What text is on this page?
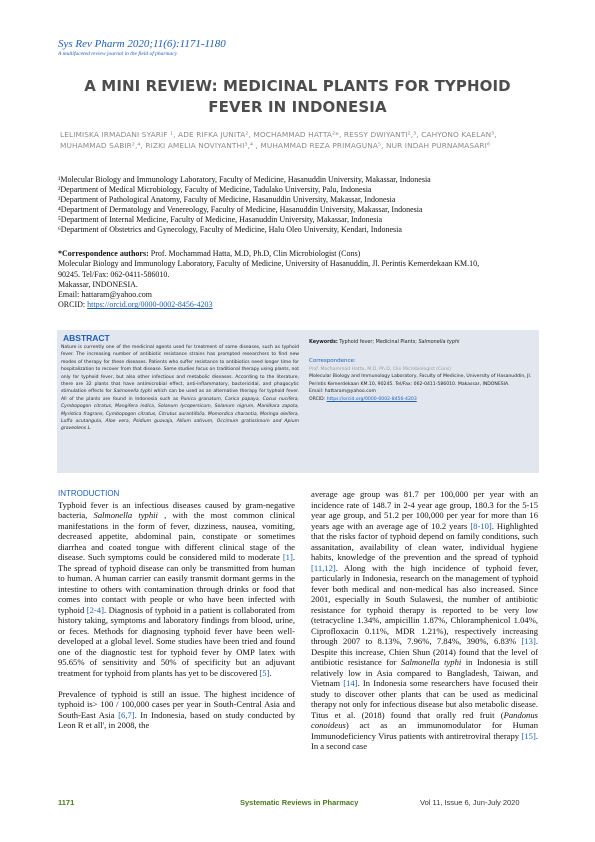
Sys Rev Pharm 2020;11(6):1171-1180
A multifaceted review journal in the field of pharmacy
A MINI REVIEW: MEDICINAL PLANTS FOR TYPHOID FEVER IN INDONESIA
LELIMISKA IRMADANI SYARIF ¹, ADE RIFKA JUNITA², MOCHAMMAD HATTA²*, RESSY DWIYANTI²,³, CAHYONO KAELAN³, MUHAMMAD SABIR²,⁴, RIZKI AMELIA NOVIYANTHI³,⁴ , MUHAMMAD REZA PRIMAGUNA⁵, NUR INDAH PURNAMASARI⁶
¹Molecular Biology and Immunology Laboratory, Faculty of Medicine, Hasanuddin University, Makassar, Indonesia
²Department of Medical Microbiology, Faculty of Medicine, Tadulako University, Palu, Indonesia
³Department of Pathological Anatomy, Faculty of Medicine, Hasanuddin University, Makassar, Indonesia
⁴Department of Dermatology and Venereology, Faculty of Medicine, Hasanuddin University, Makassar, Indonesia
⁵Department of Internal Medicine, Faculty of Medicine, Hasanuddin University, Makassar, Indonesia
⁶Department of Obstetrics and Gynecology, Faculty of Medicine, Halu Oleo University, Kendari, Indonesia
*Correspondence authors: Prof. Mochammad Hatta, M.D, Ph.D, Clin Microbiologist (Cons)
Molecular Biology and Immunology Laboratory, Faculty of Medicine, University of Hasanuddin, Jl. Perintis Kemerdekaan KM.10,
90245. Tel/Fax: 062-0411-586010.
Makassar, INDONESIA.
Email: hattaram@yahoo.com
ORCID: https://orcid.org/0000-0002-8456-4203
ABSTRACT
Nature is currently one of the medicinal agents used for treatment of some diseases, such as typhoid fever. The increasing number of antibiotic resistance strains has prompted researchers to find new modes of therapy for these diseases. Patients who suffer resistance to antibiotics need longer time for hospitalization to recover from that disease. Some studies focus on traditional therapy using plants, not only for typhoid fever, but also other infectious and metabolic diseases. According to the literature, there are 32 plants that have antimicrobial effect, anti-inflammatory, bactericidal, and phagocytic stimulation effects for Salmonella typhi which can be used as an alternative therapy for typhoid fever. All of the plants are found in Indonesia such as Punica granatum, Carica papaya, Cocus nucifera, Cymbopogon citratus, Mangifera indica, Solanum lycopersicum, Solanum nigrum, Manilkara zapota, Myristica fragrans, Cymbopogon citratus, Citrutus aurantifolia, Momordica charantia, Moringa oleifera, Luffa acutangula, Aloe vera, Psidium guavaja, Allium sativum, Occimum gratissimum and Apium graveolens L.
Keywords: Typhoid fever; Medicinal Plants; Salmonella typhi
Correspondence:
Prof. Mochammad Hatta, M.D, Ph.D, Clin Microbiologist (Cons)
Molecular Biology and Immunology Laboratory, Faculty of Medicine, University of Hasanuddin, Jl. Perintis Kemerdekaan KM.10, 90245. Tel/Fax: 062-0411-586010. Makassar, INDONESIA.
Email: hattaram@yahoo.com
ORCID: https://orcid.org/0000-0002-8456-4203
INTRODUCTION
Typhoid fever is an infectious diseases caused by gram-negative bacteria, Salmonella typhii , with the most common clinical manifestations in the form of fever, dizziness, nausea, vomiting, decreased appetite, abdominal pain, constipate or sometimes diarrhea and coated tongue with different clinical stage of the disease. Such symptoms could be considered mild to moderate [1]. The spread of typhoid disease can only be transmitted from human to human. A human carrier can easily transmit dormant germs in the intestine to others with contamination through drinks or food that comes into contact with people or who have been infected with typhoid [2-4]. Diagnosis of typhoid in a patient is collaborated from history taking, symptoms and laboratory findings from blood, urine, or feces. Methods for diagnosing typhoid fever have been well-developed at a global level. Some studies have been tried and found one of the diagnostic test for typhoid fever by OMP latex with 95.65% of sensitivity and 50% of specificity but an adjuvant treatment for typhoid from plants has yet to be discovered [5].
Prevalence of typhoid is still an issue. The highest incidence of typhoid is> 100 / 100,000 cases per year in South-Central Asia and South-East Asia [6,7]. In Indonesia, based on study conducted by Leon R et all', in 2008, the
average age group was 81.7 per 100,000 per year with an incidence rate of 148.7 in 2-4 year age group, 180.3 for the 5-15 year age group, and 51.2 per 100,000 per year for more than 16 years age with an average age of 10.2 years [8-10]. Highlighted that the risks factor of typhoid depend on family conditions, such assanitation, availability of clean water, individual hygiene habits, knowledge of the prevention and the spread of typhoid [11,12]. Along with the high incidence of typhoid fever, particularly in Indonesia, research on the management of typhoid fever both medical and non-medical has also increased. Since 2001, especially in South Sulawesi, the number of antibiotic resistance for typhoid therapy is reported to be very low (tetracycline 1.34%, ampicillin 1.87%, Chloramphenicol 1.04%, Ciprofloxacin 0.11%, MDR 1.21%), respectively increasing through 2007 to 8.13%, 7.96%, 7.84%, 390%, 6.83% [13]. Despite this increase, Chien Shun (2014) found that the level of antibiotic resistance for Salmonella typhi in Indonesia is still relatively low in Asia compared to Bangladesh, Taiwan, and Vietnam [14]. In Indonesia some researchers have focused their study to discover other plants that can be used as medicinal therapy not only for infectious disease but also metabolic disease. Titus et al. (2018) found that orally red fruit (Pandonus conoideus) act as an immunomodulator for Human Immunodeficiency Virus patients with antiretroviral therapy [15]. In a second case
1171	Systematic Reviews in Pharmacy	Vol 11, Issue 6, Jun-July 2020
